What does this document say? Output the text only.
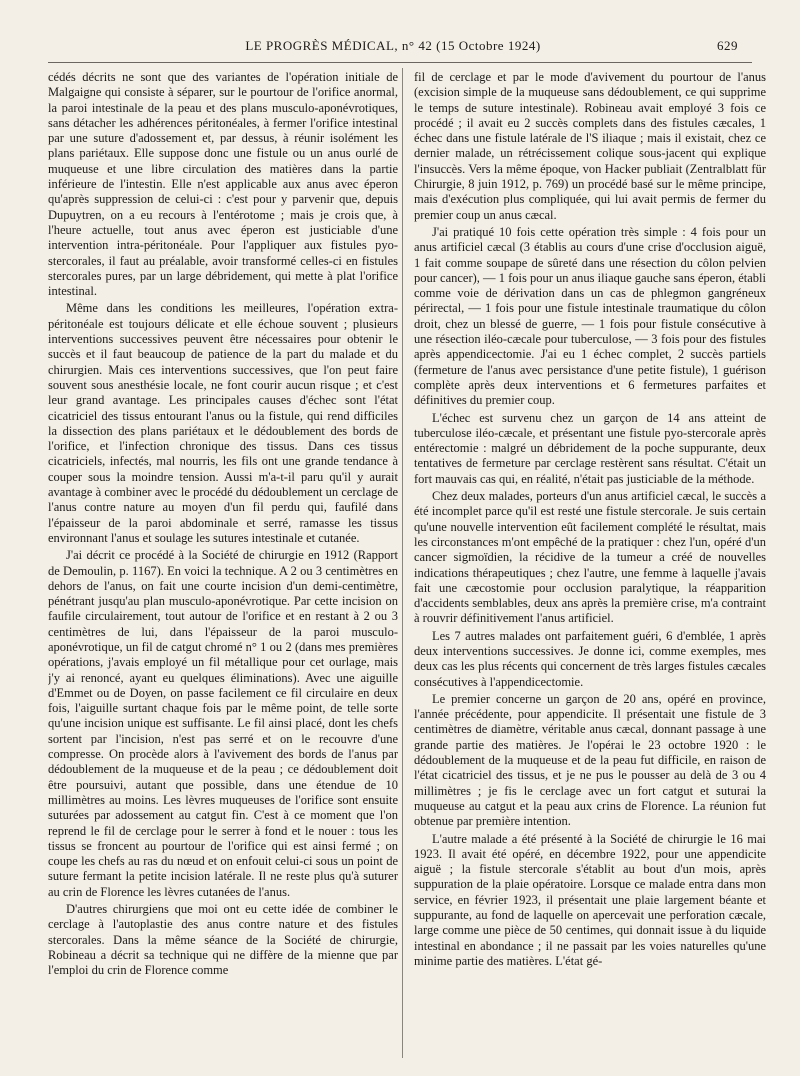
LE PROGRÈS MÉDICAL, n° 42 (15 Octobre 1924)	629

cédés décrits ne sont que des variantes de l'opération initiale de Malgaigne qui consiste à séparer, sur le pourtour de l'orifice anormal, la paroi intestinale de la peau et des plans musculo-aponévrotiques, sans détacher les adhérences péritonéales, à fermer l'orifice intestinal par une suture d'adossement et, par dessus, à réunir isolément les plans pariétaux. Elle suppose donc une fistule ou un anus ourlé de muqueuse et une libre circulation des matières dans la partie inférieure de l'intestin. Elle n'est applicable aux anus avec éperon qu'après suppression de celui-ci : c'est pour y parvenir que, depuis Dupuytren, on a eu recours à l'entérotome ; mais je crois que, à l'heure actuelle, tout anus avec éperon est justiciable d'une intervention intra-péritonéale. Pour l'appliquer aux fistules pyo-stercorales, il faut au préalable, avoir transformé celles-ci en fistules stercorales pures, par un large débridement, qui mette à plat l'orifice intestinal.

Même dans les conditions les meilleures, l'opération extra-péritonéale est toujours délicate et elle échoue souvent ; plusieurs interventions successives peuvent être nécessaires pour obtenir le succès et il faut beaucoup de patience de la part du malade et du chirurgien. Mais ces interventions successives, que l'on peut faire souvent sous anesthésie locale, ne font courir aucun risque ; et c'est leur grand avantage. Les principales causes d'échec sont l'état cicatriciel des tissus entourant l'anus ou la fistule, qui rend difficiles la dissection des plans pariétaux et le dédoublement des bords de l'orifice, et l'infection chronique des tissus. Dans ces tissus cicatriciels, infectés, mal nourris, les fils ont une grande tendance à couper sous la moindre tension. Aussi m'a-t-il paru qu'il y aurait avantage à combiner avec le procédé du dédoublement un cerclage de l'anus contre nature au moyen d'un fil perdu qui, faufilé dans l'épaisseur de la paroi abdominale et serré, ramasse les tissus environnant l'anus et soulage les sutures intestinale et cutanée.

J'ai décrit ce procédé à la Société de chirurgie en 1912 (Rapport de Demoulin, p. 1167). En voici la technique. A 2 ou 3 centimètres en dehors de l'anus, on fait une courte incision d'un demi-centimètre, pénétrant jusqu'au plan musculo-aponévrotique. Par cette incision on faufile circulairement, tout autour de l'orifice et en restant à 2 ou 3 centimètres de lui, dans l'épaisseur de la paroi musculo-aponévrotique, un fil de catgut chromé n° 1 ou 2 (dans mes premières opérations, j'avais employé un fil métallique pour cet ourlage, mais j'y ai renoncé, ayant eu quelques éliminations). Avec une aiguille d'Emmet ou de Doyen, on passe facilement ce fil circulaire en deux fois, l'aiguille surtant chaque fois par le même point, de telle sorte qu'une incision unique est suffisante. Le fil ainsi placé, dont les chefs sortent par l'incision, n'est pas serré et on le recouvre d'une compresse. On procède alors à l'avivement des bords de l'anus par dédoublement de la muqueuse et de la peau ; ce dédoublement doit être poursuivi, autant que possible, dans une étendue de 10 millimètres au moins. Les lèvres muqueuses de l'orifice sont ensuite suturées par adossement au catgut fin. C'est à ce moment que l'on reprend le fil de cerclage pour le serrer à fond et le nouer : tous les tissus se froncent au pourtour de l'orifice qui est ainsi fermé ; on coupe les chefs au ras du nœud et on enfouit celui-ci sous un point de suture fermant la petite incision latérale. Il ne reste plus qu'à suturer au crin de Florence les lèvres cutanées de l'anus.

D'autres chirurgiens que moi ont eu cette idée de combiner le cerclage à l'autoplastie des anus contre nature et des fistules stercorales. Dans la même séance de la Société de chirurgie, Robineau a décrit sa technique qui ne diffère de la mienne que par l'emploi du crin de Florence comme

fil de cerclage et par le mode d'avivement du pourtour de l'anus (excision simple de la muqueuse sans dédoublement, ce qui supprime le temps de suture intestinale). Robineau avait employé 3 fois ce procédé ; il avait eu 2 succès complets dans des fistules cæcales, 1 échec dans une fistule latérale de l'S iliaque ; mais il existait, chez ce dernier malade, un rétrécissement colique sous-jacent qui explique l'insuccès. Vers la même époque, von Hacker publiait (Zentralblatt für Chirurgie, 8 juin 1912, p. 769) un procédé basé sur le même principe, mais d'exécution plus compliquée, qui lui avait permis de fermer du premier coup un anus cæcal.

J'ai pratiqué 10 fois cette opération très simple : 4 fois pour un anus artificiel cæcal (3 établis au cours d'une crise d'occlusion aiguë, 1 fait comme soupape de sûreté dans une résection du côlon pelvien pour cancer), — 1 fois pour un anus iliaque gauche sans éperon, établi comme voie de dérivation dans un cas de phlegmon gangréneux périrectal, — 1 fois pour une fistule intestinale traumatique du côlon droit, chez un blessé de guerre, — 1 fois pour fistule consécutive à une résection iléo-cæcale pour tuberculose, — 3 fois pour des fistules après appendicectomie. J'ai eu 1 échec complet, 2 succès partiels (fermeture de l'anus avec persistance d'une petite fistule), 1 guérison complète après deux interventions et 6 fermetures parfaites et définitives du premier coup.

L'échec est survenu chez un garçon de 14 ans atteint de tuberculose iléo-cæcale, et présentant une fistule pyo-stercorale après entérectomie : malgré un débridement de la poche suppurante, deux tentatives de fermeture par cerclage restèrent sans résultat. C'était un fort mauvais cas qui, en réalité, n'était pas justiciable de la méthode.

Chez deux malades, porteurs d'un anus artificiel cæcal, le succès a été incomplet parce qu'il est resté une fistule stercorale. Je suis certain qu'une nouvelle intervention eût facilement complété le résultat, mais les circonstances m'ont empêché de la pratiquer : chez l'un, opéré d'un cancer sigmoïdien, la récidive de la tumeur a créé de nouvelles indications thérapeutiques ; chez l'autre, une femme à laquelle j'avais fait une cæcostomie pour occlusion paralytique, la réapparition d'accidents semblables, deux ans après la première crise, m'a contraint à rouvrir définitivement l'anus artificiel.

Les 7 autres malades ont parfaitement guéri, 6 d'emblée, 1 après deux interventions successives. Je donne ici, comme exemples, mes deux cas les plus récents qui concernent de très larges fistules cæcales consécutives à l'appendicectomie.

Le premier concerne un garçon de 20 ans, opéré en province, l'année précédente, pour appendicite. Il présentait une fistule de 3 centimètres de diamètre, véritable anus cæcal, donnant passage à une grande partie des matières. Je l'opérai le 23 octobre 1920 : le dédoublement de la muqueuse et de la peau fut difficile, en raison de l'état cicatriciel des tissus, et je ne pus le pousser au delà de 3 ou 4 millimètres ; je fis le cerclage avec un fort catgut et suturai la muqueuse au catgut et la peau aux crins de Florence. La réunion fut obtenue par première intention.

L'autre malade a été présenté à la Société de chirurgie le 16 mai 1923. Il avait été opéré, en décembre 1922, pour une appendicite aiguë ; la fistule stercorale s'établit au bout d'un mois, après suppuration de la plaie opératoire. Lorsque ce malade entra dans mon service, en février 1923, il présentait une plaie largement béante et suppurante, au fond de laquelle on apercevait une perforation cæcale, large comme une pièce de 50 centimes, qui donnait issue à du liquide intestinal en abondance ; il ne passait par les voies naturelles qu'une minime partie des matières. L'état gé-
